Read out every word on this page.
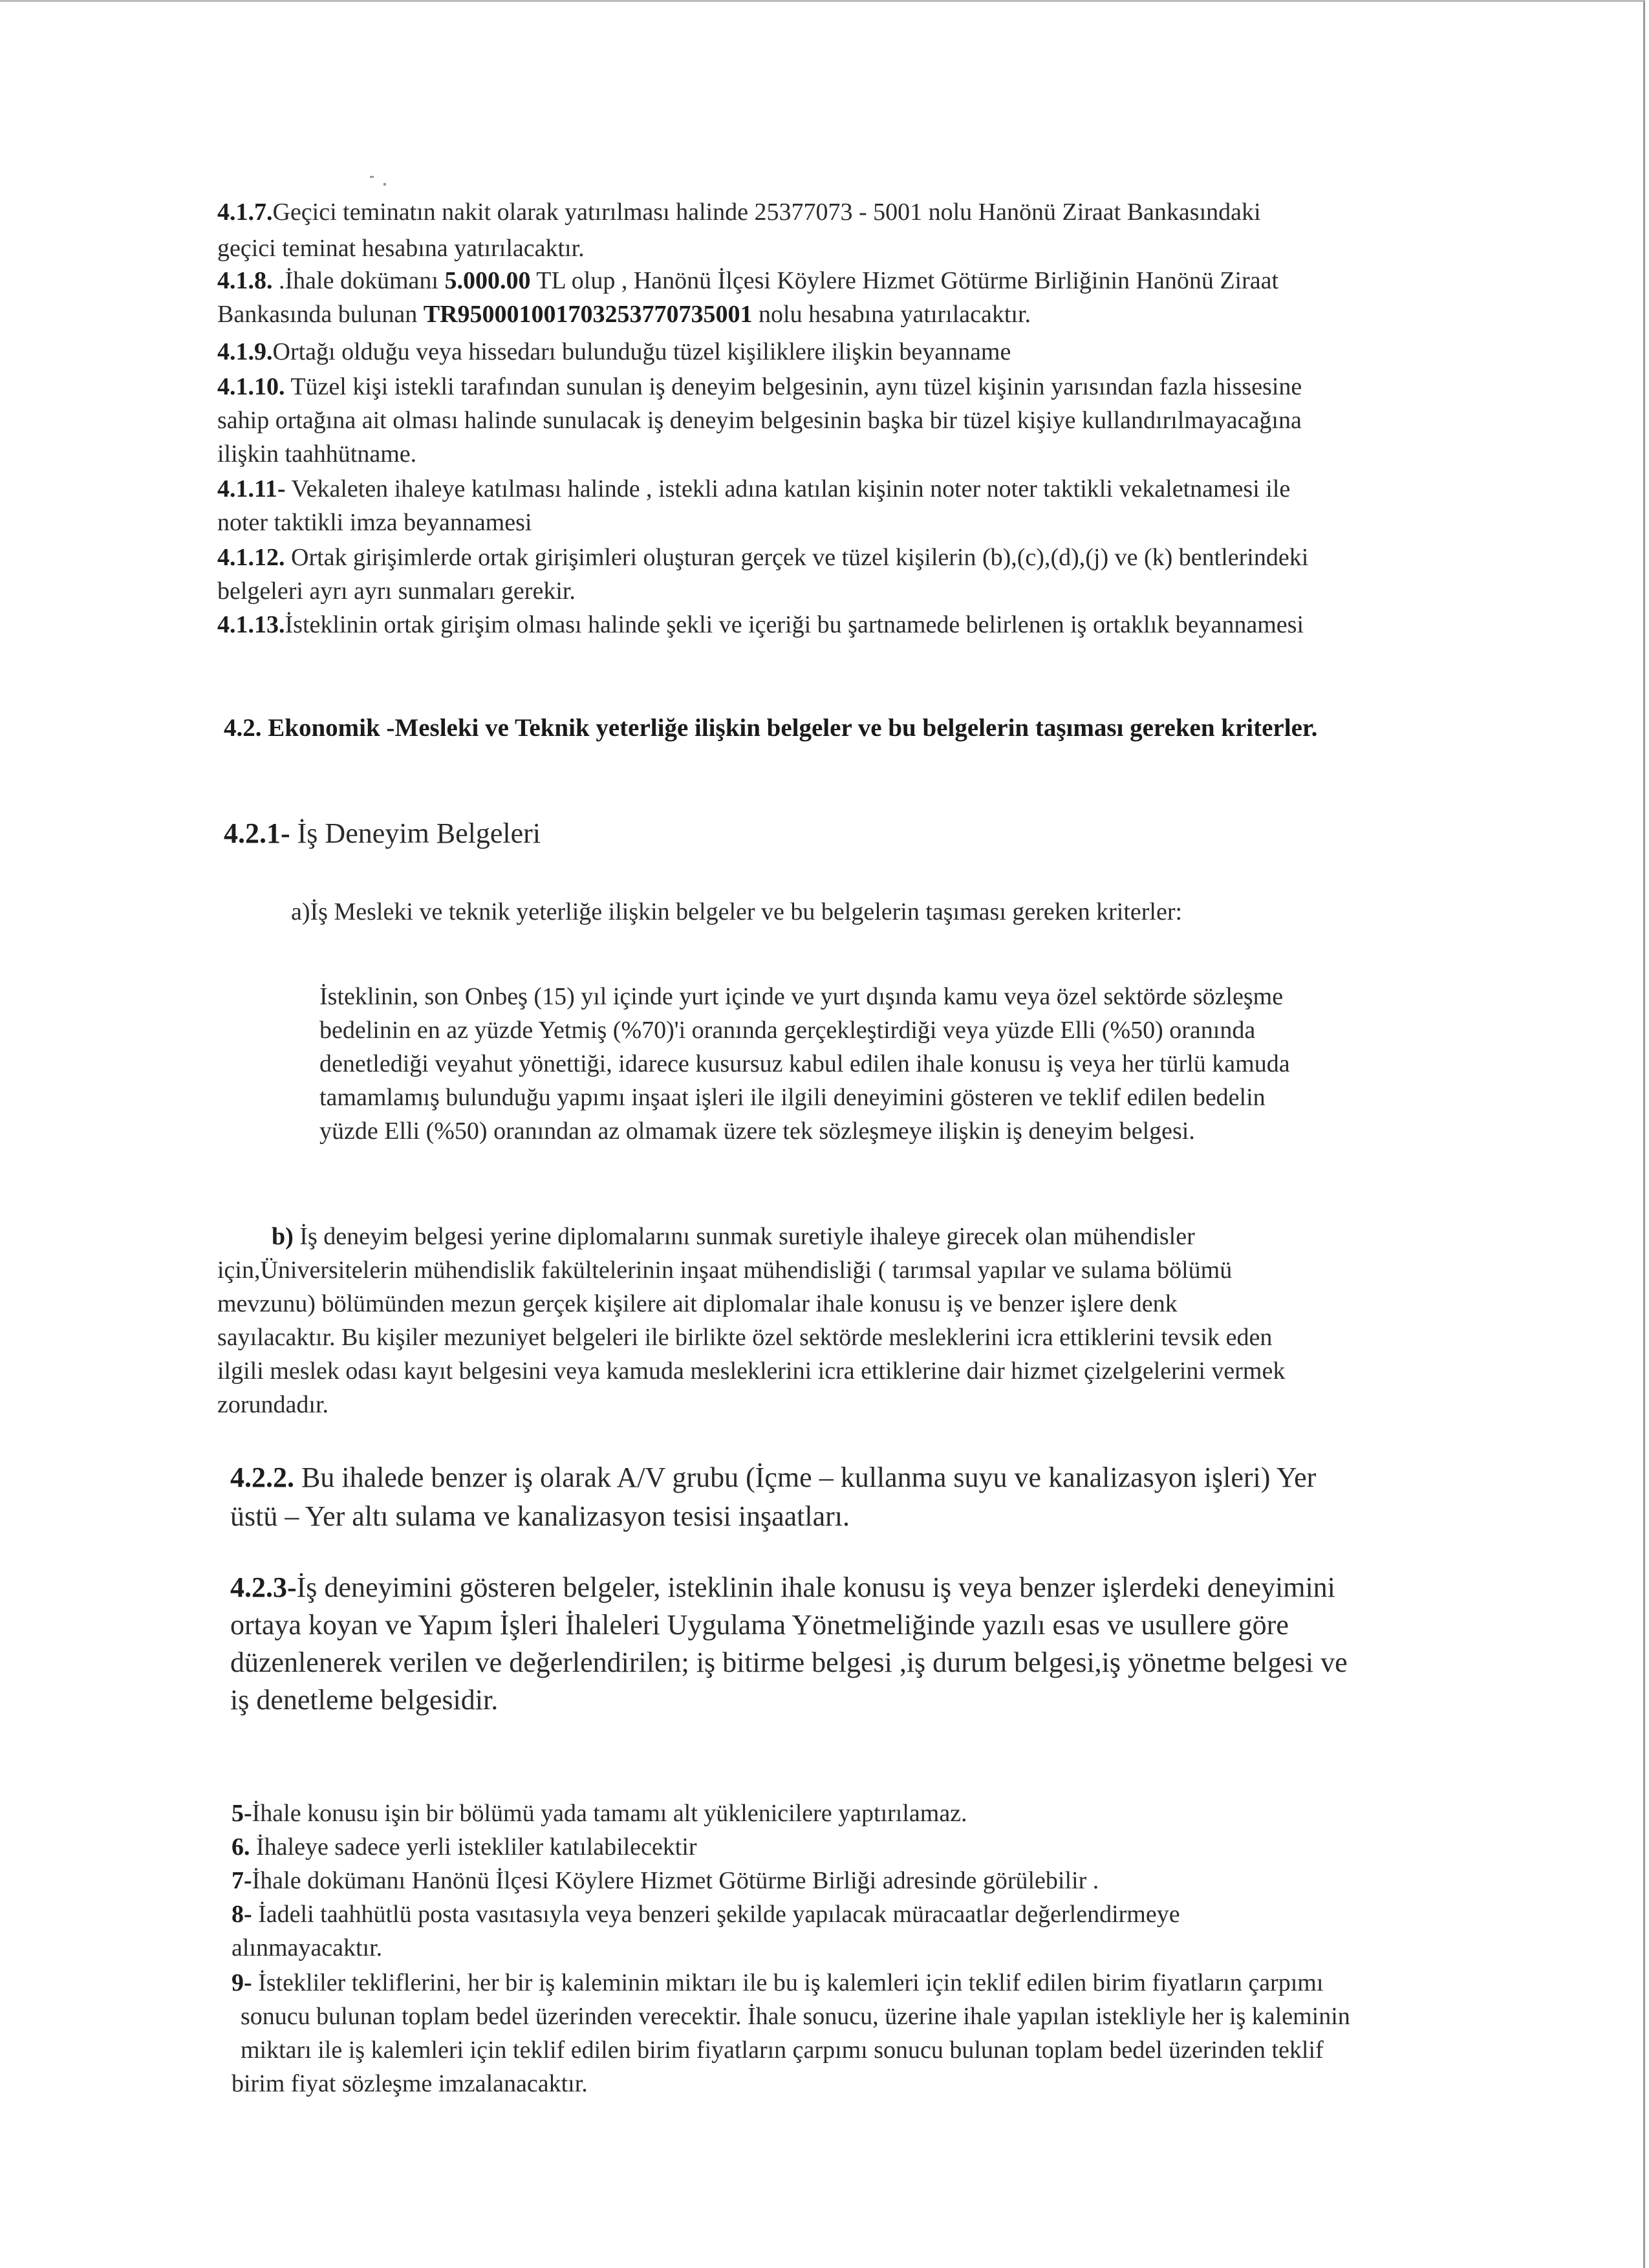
4.1.7.Geçici teminatın nakit olarak yatırılması halinde 25377073 - 5001 nolu Hanönü Ziraat Bankasındaki

geçici teminat hesabına yatırılacaktır.

4.1.8. .İhale dokümanı 5.000.00 TL olup , Hanönü İlçesi Köylere Hizmet Götürme Birliğinin Hanönü Ziraat

Bankasında bulunan TR950001001703253770735001 nolu hesabına yatırılacaktır.

4.1.9.Ortağı olduğu veya hissedarı bulunduğu tüzel kişiliklere ilişkin beyanname

4.1.10. Tüzel kişi istekli tarafından sunulan iş deneyim belgesinin, aynı tüzel kişinin yarısından fazla hissesine

sahip ortağına ait olması halinde sunulacak iş deneyim belgesinin başka bir tüzel kişiye kullandırılmayacağına

ilişkin taahhütname.

4.1.11- Vekaleten ihaleye katılması halinde , istekli adına katılan kişinin noter noter taktikli vekaletnamesi ile

noter taktikli imza beyannamesi

4.1.12. Ortak girişimlerde ortak girişimleri oluşturan gerçek ve tüzel kişilerin (b),(c),(d),(j) ve (k) bentlerindeki

belgeleri ayrı ayrı sunmaları gerekir.

4.1.13.İsteklinin ortak girişim olması halinde şekli ve içeriği bu şartnamede belirlenen iş ortaklık beyannamesi

4.2. Ekonomik -Mesleki ve Teknik yeterliğe ilişkin belgeler ve bu belgelerin taşıması gereken kriterler.

4.2.1- İş Deneyim Belgeleri

a)İş Mesleki ve teknik yeterliğe ilişkin belgeler ve bu belgelerin taşıması gereken kriterler:

İsteklinin, son Onbeş (15) yıl içinde yurt içinde ve yurt dışında kamu veya özel sektörde sözleşme

bedelinin en az yüzde Yetmiş (%70)'i oranında gerçekleştirdiği veya yüzde Elli (%50) oranında

denetlediği veyahut yönettiği, idarece kusursuz kabul edilen ihale konusu iş veya her türlü kamuda

tamamlamış bulunduğu yapımı inşaat işleri ile ilgili deneyimini gösteren ve teklif edilen bedelin

yüzde Elli (%50) oranından az olmamak üzere tek sözleşmeye ilişkin iş deneyim belgesi.

b) İş deneyim belgesi yerine diplomalarını sunmak suretiyle ihaleye girecek olan mühendisler

için,Üniversitelerin mühendislik fakültelerinin inşaat mühendisliği ( tarımsal yapılar ve sulama bölümü

mevzunu) bölümünden mezun gerçek kişilere ait diplomalar ihale konusu iş ve benzer işlere denk

sayılacaktır. Bu kişiler mezuniyet belgeleri ile birlikte özel sektörde mesleklerini icra ettiklerini tevsik eden

ilgili meslek odası kayıt belgesini veya kamuda mesleklerini icra ettiklerine dair hizmet çizelgelerini vermek

zorundadır.

4.2.2. Bu ihalede benzer iş olarak A/V grubu (İçme – kullanma suyu ve kanalizasyon işleri) Yer

üstü – Yer altı sulama ve kanalizasyon tesisi inşaatları.

4.2.3-İş deneyimini gösteren belgeler, isteklinin ihale konusu iş veya benzer işlerdeki deneyimini

ortaya koyan ve Yapım İşleri İhaleleri Uygulama Yönetmeliğinde yazılı esas ve usullere göre

düzenlenerek verilen ve değerlendirilen; iş bitirme belgesi ,iş durum belgesi,iş yönetme belgesi ve

iş denetleme belgesidir.

5-İhale konusu işin bir bölümü yada tamamı alt yüklenicilere yaptırılamaz.

6. İhaleye sadece yerli istekliler katılabilecektir

7-İhale dokümanı Hanönü İlçesi Köylere Hizmet Götürme Birliği adresinde görülebilir .

8- İadeli taahhütlü posta vasıtasıyla veya benzeri şekilde yapılacak müracaatlar değerlendirmeye

alınmayacaktır.

9- İstekliler tekliflerini, her bir iş kaleminin miktarı ile bu iş kalemleri için teklif edilen birim fiyatların çarpımı

sonucu bulunan toplam bedel üzerinden verecektir. İhale sonucu, üzerine ihale yapılan istekliyle her iş kaleminin

miktarı ile iş kalemleri için teklif edilen birim fiyatların çarpımı sonucu bulunan toplam bedel üzerinden teklif

birim fiyat sözleşme imzalanacaktır.
